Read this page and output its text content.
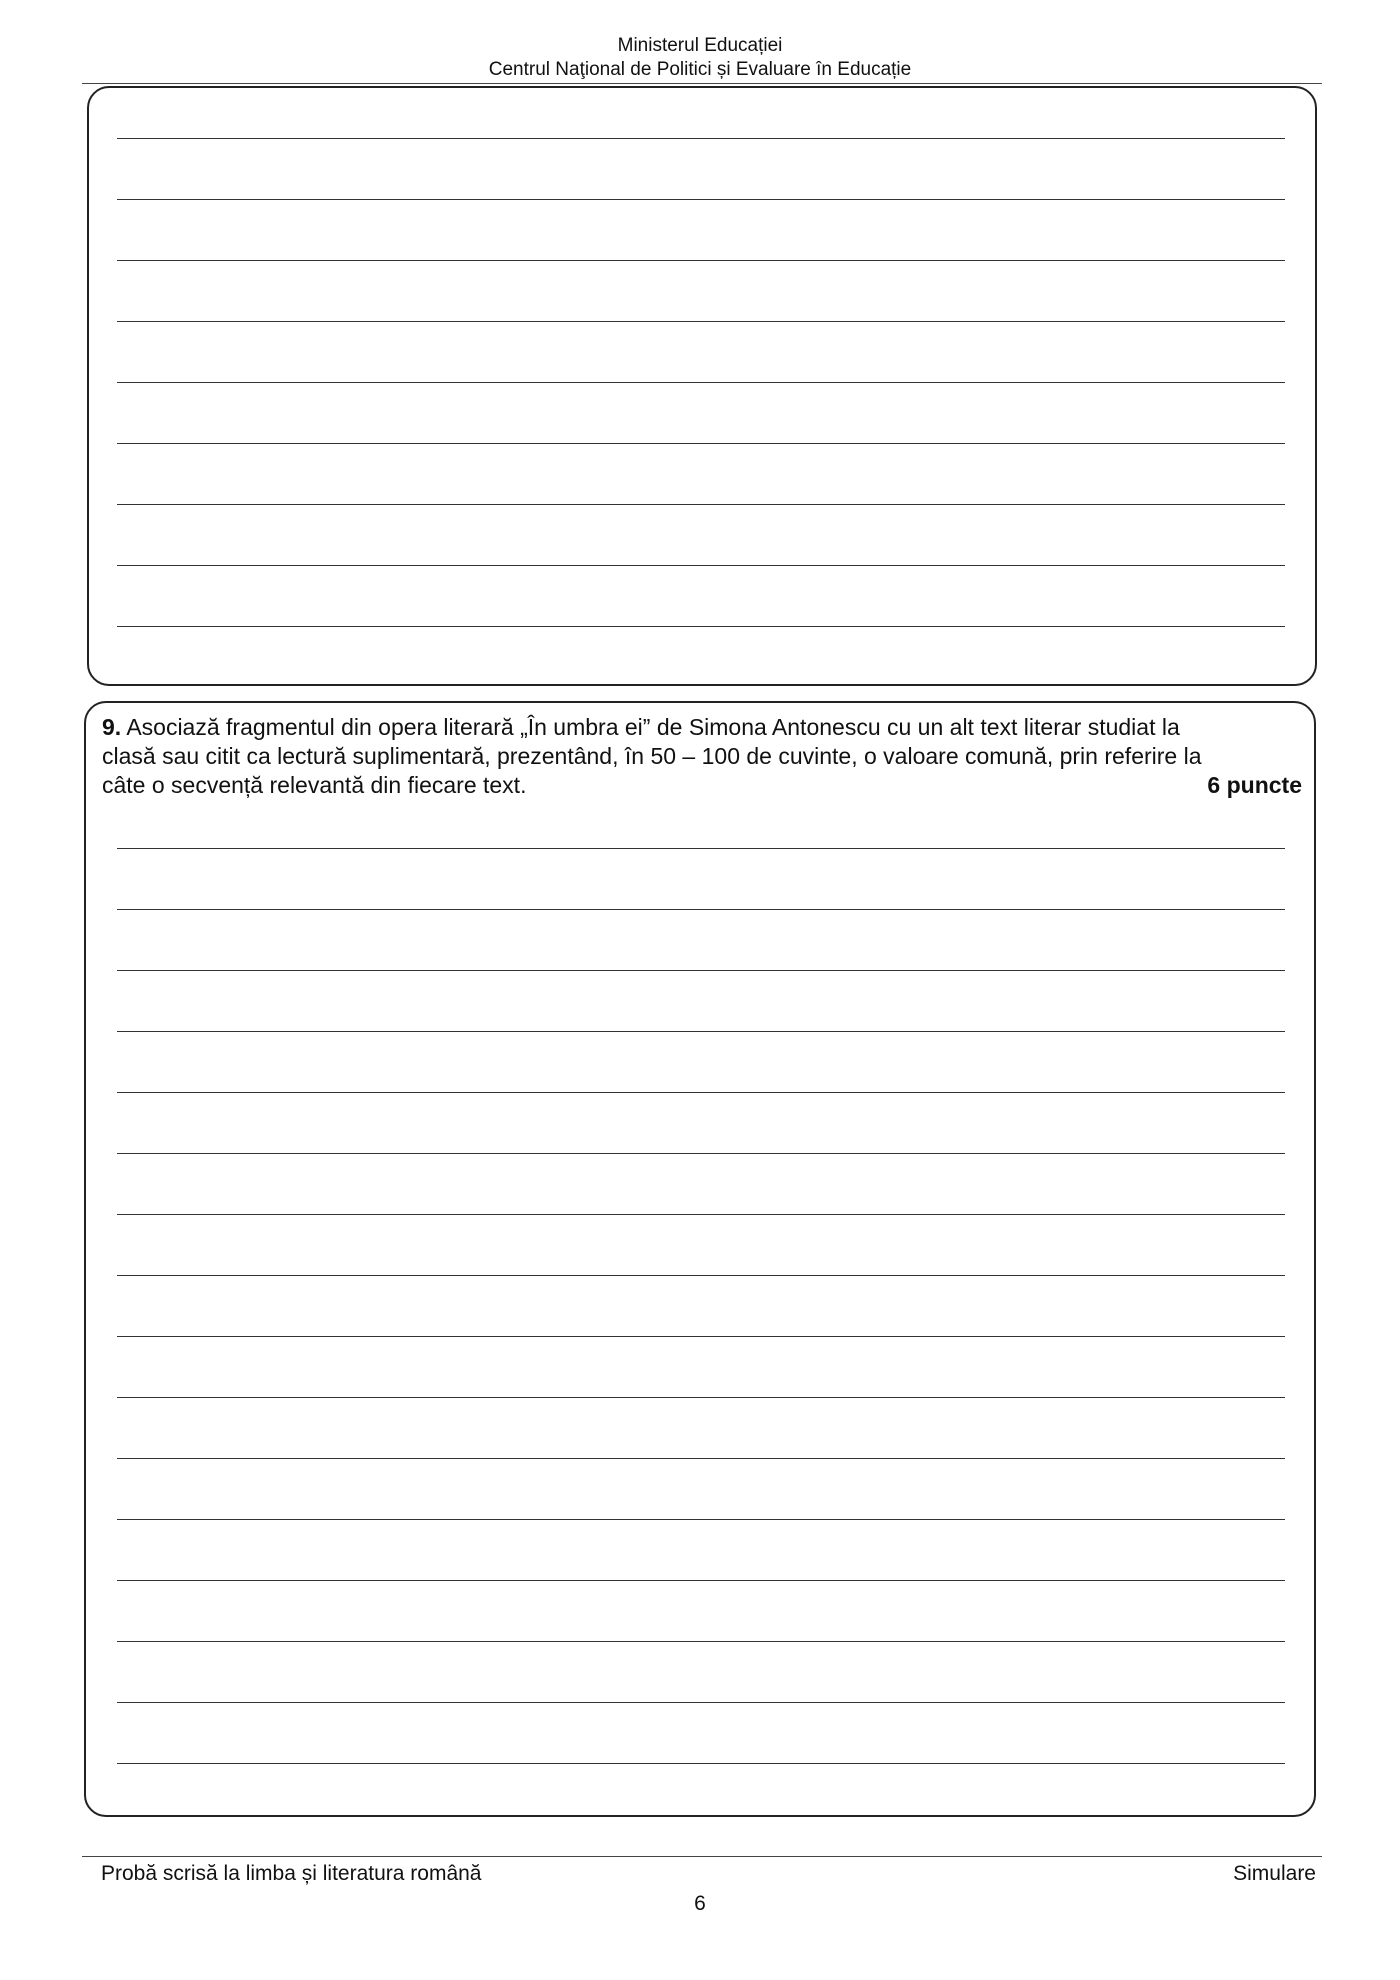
Ministerul Educației
Centrul Naţional de Politici și Evaluare în Educație
9. Asociază fragmentul din opera literară „În umbra ei” de Simona Antonescu cu un alt text literar studiat la
clasă sau citit ca lectură suplimentară, prezentând, în 50 – 100 de cuvinte, o valoare comună, prin referire la
câte o secvență relevantă din fiecare text.	6 puncte
Probă scrisă la limba și literatura română	Simulare
6
